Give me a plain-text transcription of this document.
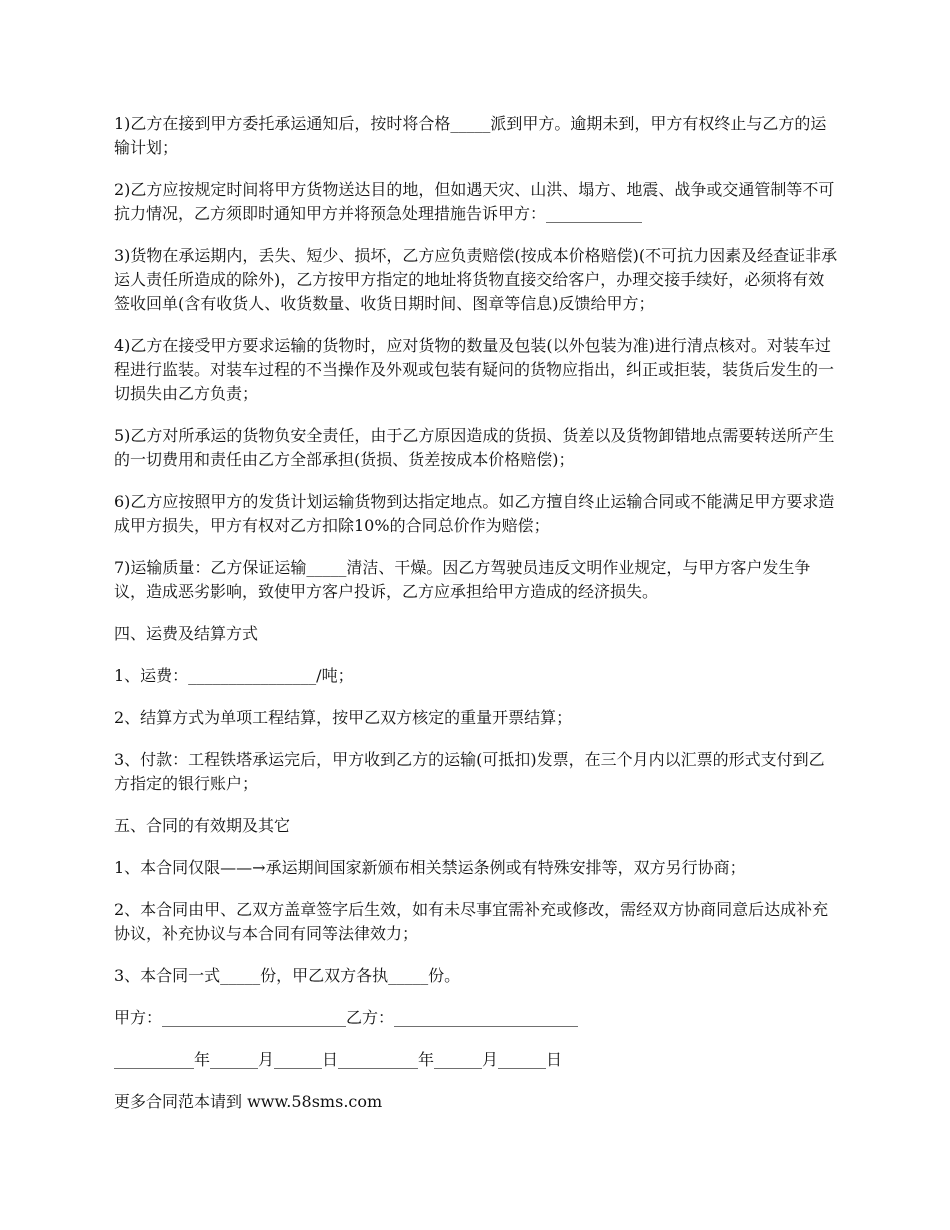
1)乙方在接到甲方委托承运通知后，按时将合格_____派到甲方。逾期未到，甲方有权终止与乙方的运输计划；

2)乙方应按规定时间将甲方货物送达目的地，但如遇天灾、山洪、塌方、地震、战争或交通管制等不可抗力情况，乙方须即时通知甲方并将预急处理措施告诉甲方：____________

3)货物在承运期内，丢失、短少、损坏，乙方应负责赔偿(按成本价格赔偿)(不可抗力因素及经查证非承运人责任所造成的除外)，乙方按甲方指定的地址将货物直接交给客户，办理交接手续好，必须将有效签收回单(含有收货人、收货数量、收货日期时间、图章等信息)反馈给甲方；

4)乙方在接受甲方要求运输的货物时，应对货物的数量及包装(以外包装为准)进行清点核对。对装车过程进行监装。对装车过程的不当操作及外观或包装有疑问的货物应指出，纠正或拒装，装货后发生的一切损失由乙方负责；

5)乙方对所承运的货物负安全责任，由于乙方原因造成的货损、货差以及货物卸错地点需要转送所产生的一切费用和责任由乙方全部承担(货损、货差按成本价格赔偿)；

6)乙方应按照甲方的发货计划运输货物到达指定地点。如乙方擅自终止运输合同或不能满足甲方要求造成甲方损失，甲方有权对乙方扣除10%的合同总价作为赔偿；

7)运输质量：乙方保证运输_____清洁、干燥。因乙方驾驶员违反文明作业规定，与甲方客户发生争议，造成恶劣影响，致使甲方客户投诉，乙方应承担给甲方造成的经济损失。

四、运费及结算方式

1、运费：________________/吨；

2、结算方式为单项工程结算，按甲乙双方核定的重量开票结算；

3、付款：工程铁塔承运完后，甲方收到乙方的运输(可抵扣)发票，在三个月内以汇票的形式支付到乙方指定的银行账户；

五、合同的有效期及其它

1、本合同仅限——→承运期间国家新颁布相关禁运条例或有特殊安排等，双方另行协商；

2、本合同由甲、乙双方盖章签字后生效，如有未尽事宜需补充或修改，需经双方协商同意后达成补充协议，补充协议与本合同有同等法律效力；

3、本合同一式_____份，甲乙双方各执_____份。

甲方：_______________________乙方：_______________________

__________年______月______日__________年______月______日

更多合同范本请到 www.58sms.com
